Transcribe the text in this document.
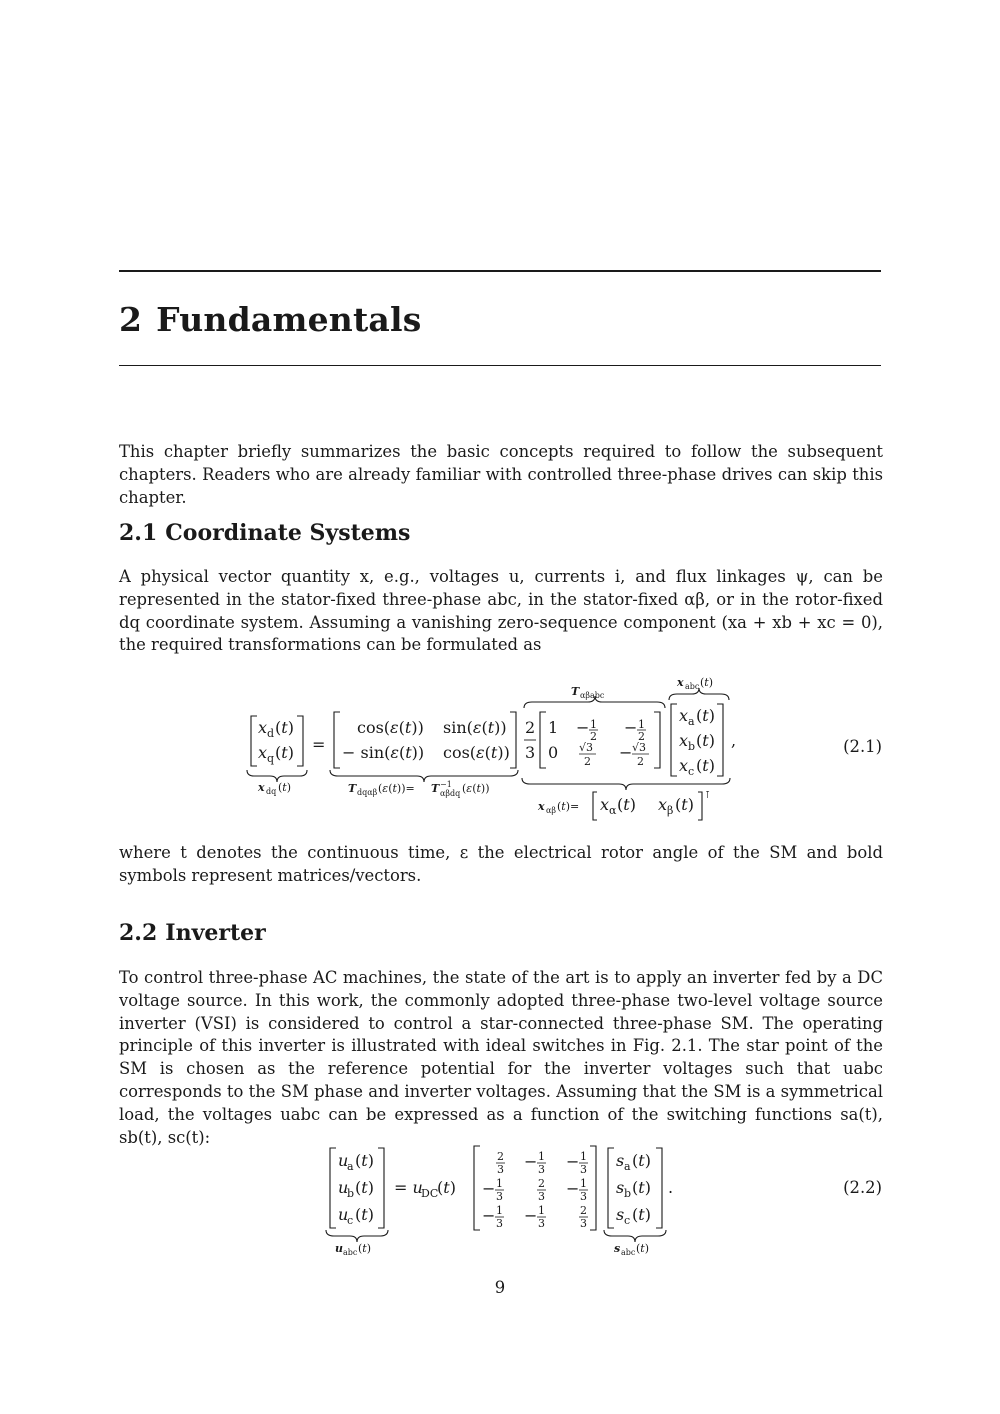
2 Fundamentals

This chapter briefly summarizes the basic concepts required to follow the subsequent chapters. Readers who are already familiar with controlled three-phase drives can skip this chapter.

2.1 Coordinate Systems

A physical vector quantity x, e.g., voltages u, currents i, and flux linkages ψ, can be represented in the stator-fixed three-phase abc, in the stator-fixed αβ, or in the rotor-fixed dq coordinate system. Assuming a vanishing zero-sequence component (xa + xb + xc = 0), the required transformations can be formulated as

x d (t)
x q (t)
x dq (t)
=
cos(ε(t)) sin(ε(t))
− sin(ε(t)) cos(ε(t))
T dqαβ (ε(t))= T −1
αβdq (ε(t))
T αβabc
2
3
1 − 1
2 − 1
2
0 √3
2 − √3
2
x abc (t)
x a (t)
x b (t)
x c (t)
,
x αβ (t)= x α (t) x β (t) ⊺
(2.1)

where t denotes the continuous time, ε the electrical rotor angle of the SM and bold symbols represent matrices/vectors.

2.2 Inverter

To control three-phase AC machines, the state of the art is to apply an inverter fed by a DC voltage source. In this work, the commonly adopted three-phase two-level voltage source inverter (VSI) is considered to control a star-connected three-phase SM. The operating principle of this inverter is illustrated with ideal switches in Fig. 2.1. The star point of the SM is chosen as the reference potential for the inverter voltages such that uabc corresponds to the SM phase and inverter voltages. Assuming that the SM is a symmetrical load, the voltages uabc can be expressed as a function of the switching functions sa(t), sb(t), sc(t):

u
a (t)
u
b (t)
u
c (t)
u abc (t)
= u
DC
(t)
2
3 − 1
3 − 1
3
− 1
3
2
3 − 1
3
− 1
3 − 1
3
2
3
s a (t)
s b (t)
s c (t)
s abc (t)
.	(2.2)
9
